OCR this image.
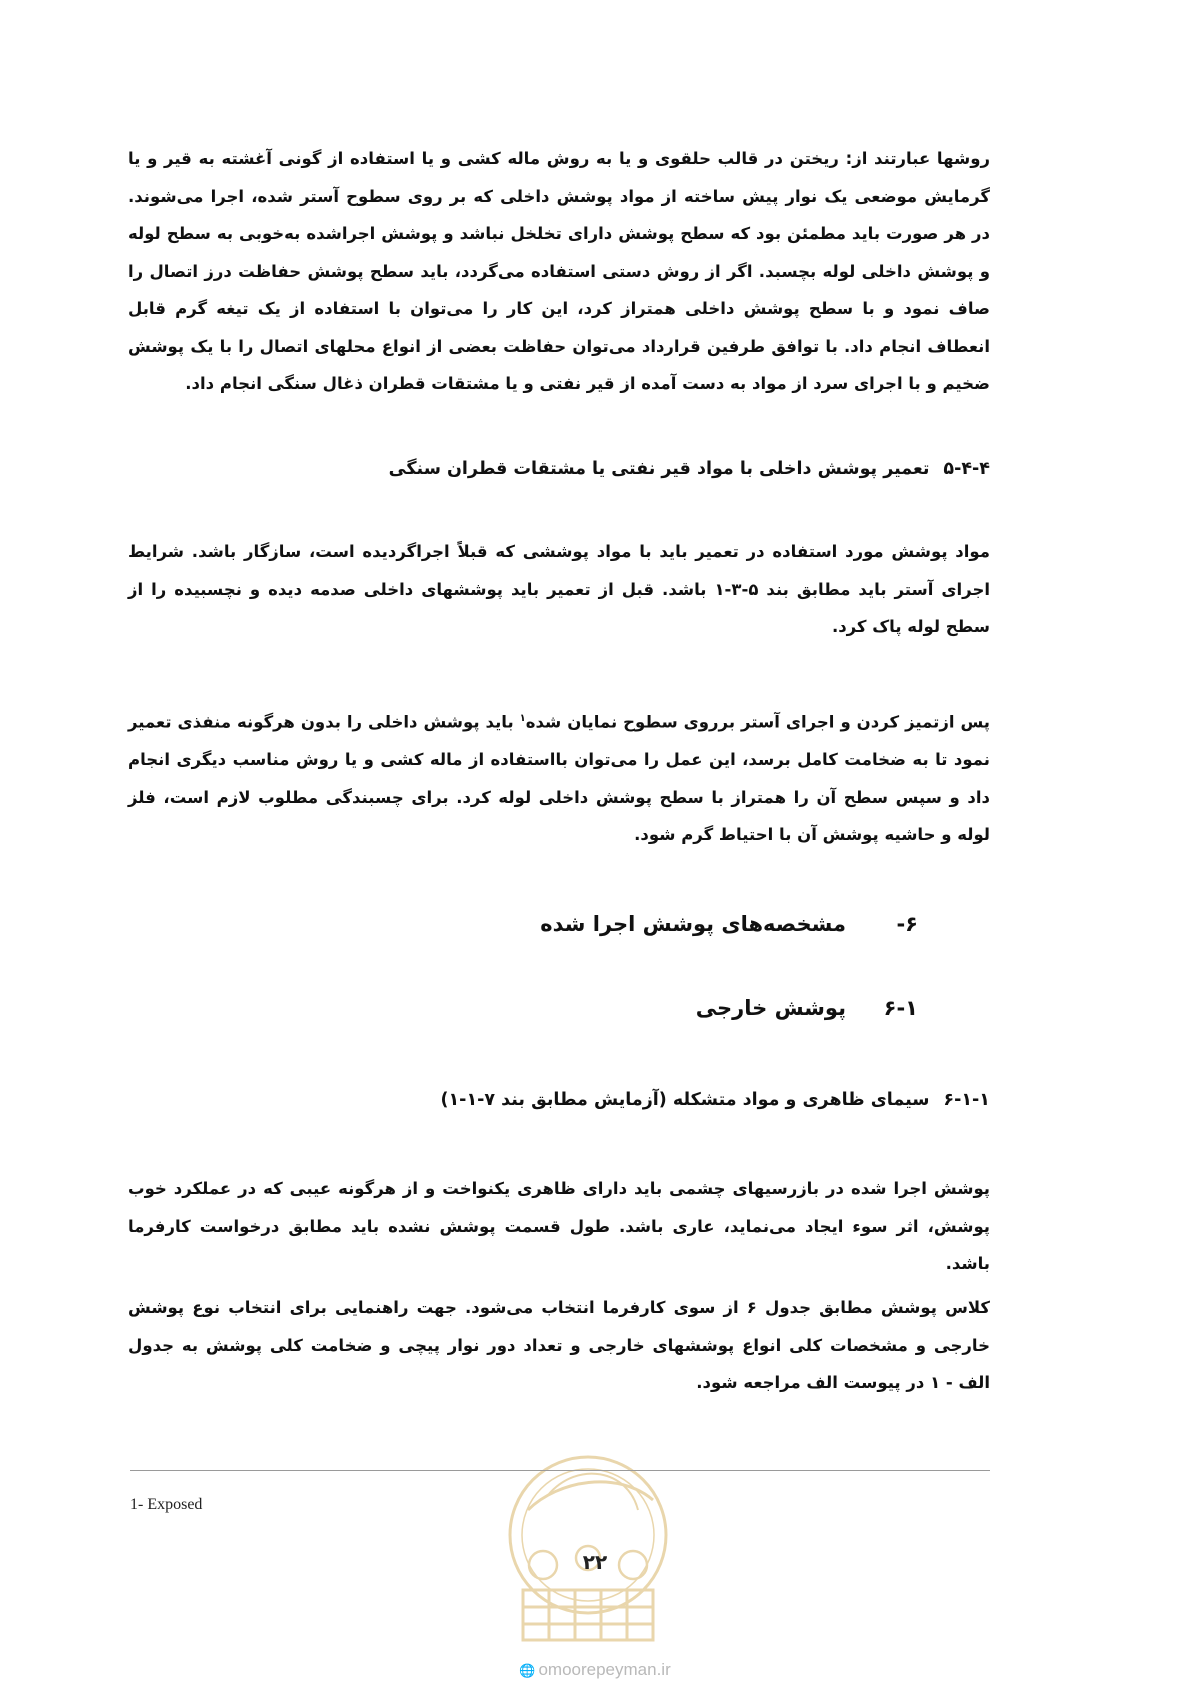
روشها عبارتند از: ریختن در قالب حلقوی و یا به روش ماله کشی و یا استفاده از گونی آغشته به قیر و یا گرمایش موضعی یک نوار پیش ساخته از مواد پوشش داخلی که بر روی سطوح آستر شده، اجرا می‌شوند. در هر صورت باید مطمئن بود که سطح پوشش دارای تخلخل نباشد و پوشش اجراشده به‌خوبی به سطح لوله و پوشش داخلی لوله بچسبد. اگر از روش دستی استفاده می‌گردد، باید سطح پوشش حفاظت درز اتصال را صاف نمود و با سطح پوشش داخلی همتراز کرد، این کار را می‌توان با استفاده از یک تیغه گرم قابل انعطاف انجام داد. با توافق طرفین قرارداد می‌توان حفاظت بعضی از انواع محلهای اتصال را با یک پوشش ضخیم و با اجرای سرد از مواد به دست آمده از قیر نفتی و یا مشتقات قطران ذغال سنگی انجام داد.

۵-۴-۴تعمیر پوشش داخلی با مواد قیر نفتی یا مشتقات قطران سنگی

مواد پوشش مورد استفاده در تعمیر باید با مواد پوششی که قبلاً اجراگردیده است، سازگار باشد. شرایط اجرای آستر باید مطابق بند ۵-۳-۱ باشد. قبل از تعمیر باید پوششهای داخلی صدمه دیده و نچسبیده را از سطح لوله پاک کرد.

پس ازتمیز کردن و اجرای آستر برروی سطوح نمایان شده$^۱$ باید پوشش داخلی را بدون هرگونه منفذی تعمیر نمود تا به ضخامت کامل برسد، این عمل را می‌توان بااستفاده از ماله کشی و یا روش مناسب دیگری انجام داد و سپس سطح آن را همتراز با سطح پوشش داخلی لوله کرد. برای چسبندگی مطلوب لازم است، فلز لوله و حاشیه پوشش آن با احتیاط گرم شود.

۶-مشخصه‌های پوشش اجرا شده
۶-۱پوشش خارجی
۶-۱-۱سیمای ظاهری و مواد متشکله (آزمایش مطابق بند ۷-۱-۱)

پوشش اجرا شده در بازرسیهای چشمی باید دارای ظاهری یکنواخت و از هرگونه عیبی که در عملکرد خوب پوشش، اثر سوء ایجاد می‌نماید، عاری باشد. طول قسمت پوشش نشده باید مطابق درخواست کارفرما باشد.

کلاس پوشش مطابق جدول ۶ از سوی کارفرما انتخاب می‌شود. جهت راهنمایی برای انتخاب نوع پوشش خارجی و مشخصات کلی انواع پوششهای خارجی و تعداد دور نوار پیچی و ضخامت کلی پوشش به جدول الف - ۱ در پیوست الف مراجعه شود.

1- Exposed
۲۲
🌐 omoorepeyman.ir
